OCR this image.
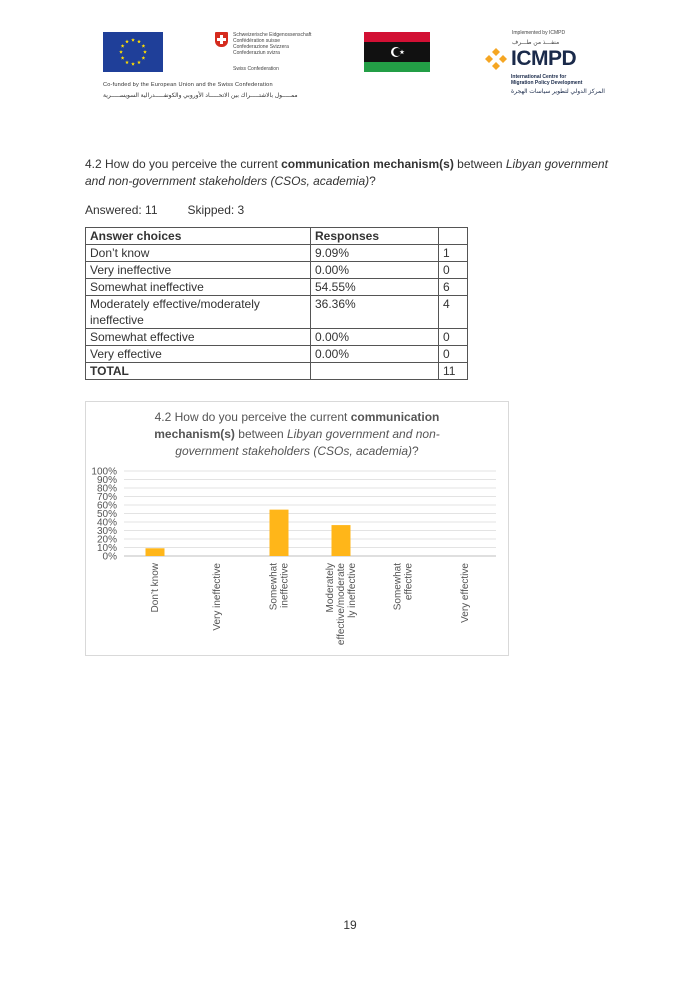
Schweizerische Eidgenossenschaft
Confédération suisse
Confederazione Svizzera
Confederaziun svizra
Swiss Confederation
Implemented by ICMPD
منفـــذ من طـــرف
ICMPD
International Centre for
Migration Policy Development
المركز الدولي لتطوير سياسات الهجرة
Co-funded by the European Union and the Swiss Confederation
ممـــــول بالاشتـــــراك بين الاتحـــــاد الأوروبي والكونفـــــدرالية السويســـــرية
4.2 How do you perceive the current communication mechanism(s) between Libyan government and non-government stakeholders (CSOs, academia)?
Answered: 11	Skipped: 3
Answer choices	Responses	
Don’t know	9.09%	1
Very ineffective	0.00%	0
Somewhat ineffective	54.55%	6
Moderately effective/moderately ineffective	36.36%	4
Somewhat effective	0.00%	0
Very effective	0.00%	0
TOTAL		11
4.2 How do you perceive the current communication
mechanism(s) between Libyan government and non-
government stakeholders (CSOs, academia)?
0%
10%
20%
30%
40%
50%
60%
70%
80%
90%
100%
Don’t know	Very ineffective	Somewhat ineffective	Moderately effective/moderate ly ineffective	Somewhat effective	Very effective
19
